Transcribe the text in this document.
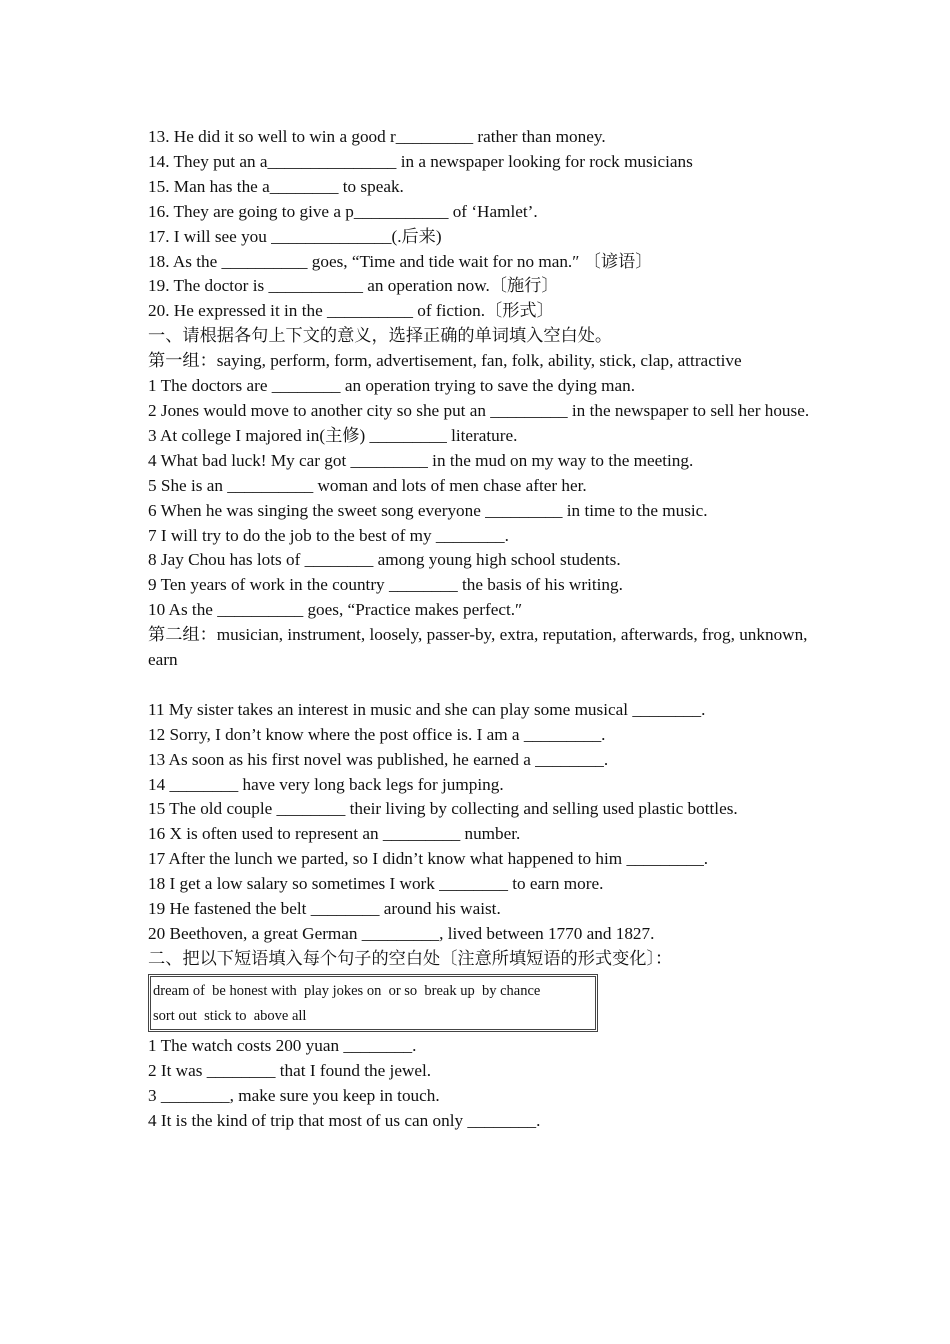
13. He did it so well to win a good r_________ rather than money.
14. They put an a_______________ in a newspaper looking for rock musicians
15. Man has the a________ to speak.
16. They are going to give a p___________ of ‘Hamlet’.
17. I will see you ______________(.后来)
18. As the __________ goes, “Time and tide wait for no man.″ 〔谚语〕
19. The doctor is ___________ an operation now.〔施行〕
20. He expressed it in the __________ of fiction.〔形式〕
一、请根据各句上下文的意义，选择正确的单词填入空白处。
第一组：saying, perform, form, advertisement, fan, folk, ability, stick, clap, attractive
1 The doctors are ________ an operation trying to save the dying man.
2 Jones would move to another city so she put an _________ in the newspaper to sell her house.
3 At college I majored in(主修) _________ literature.
4 What bad luck! My car got _________ in the mud on my way to the meeting.
5 She is an __________ woman and lots of men chase after her.
6 When he was singing the sweet song everyone _________ in time to the music.
7 I will try to do the job to the best of my ________.
8 Jay Chou has lots of ________ among young high school students.
9 Ten years of work in the country ________ the basis of his writing.
10 As the __________ goes, “Practice makes perfect.″
第二组：musician, instrument, loosely, passer-by, extra, reputation, afterwards, frog, unknown, earn
11 My sister takes an interest in music and she can play some musical ________.
12 Sorry, I don’t know where the post office is. I am a _________.
13 As soon as his first novel was published, he earned a ________.
14 ________ have very long back legs for jumping.
15 The old couple ________ their living by collecting and selling used plastic bottles.
16 X is often used to represent an _________ number.
17 After the lunch we parted, so I didn’t know what happened to him _________.
18 I get a low salary so sometimes I work ________ to earn more.
19 He fastened the belt ________ around his waist.
20 Beethoven, a great German _________, lived between 1770 and 1827.
二、把以下短语填入每个句子的空白处〔注意所填短语的形式变化〕：
dream of  be honest with  play jokes on  or so  break up  by chance
sort out  stick to  above all
1 The watch costs 200 yuan ________.
2 It was ________ that I found the jewel.
3 ________, make sure you keep in touch.
4 It is the kind of trip that most of us can only ________.
